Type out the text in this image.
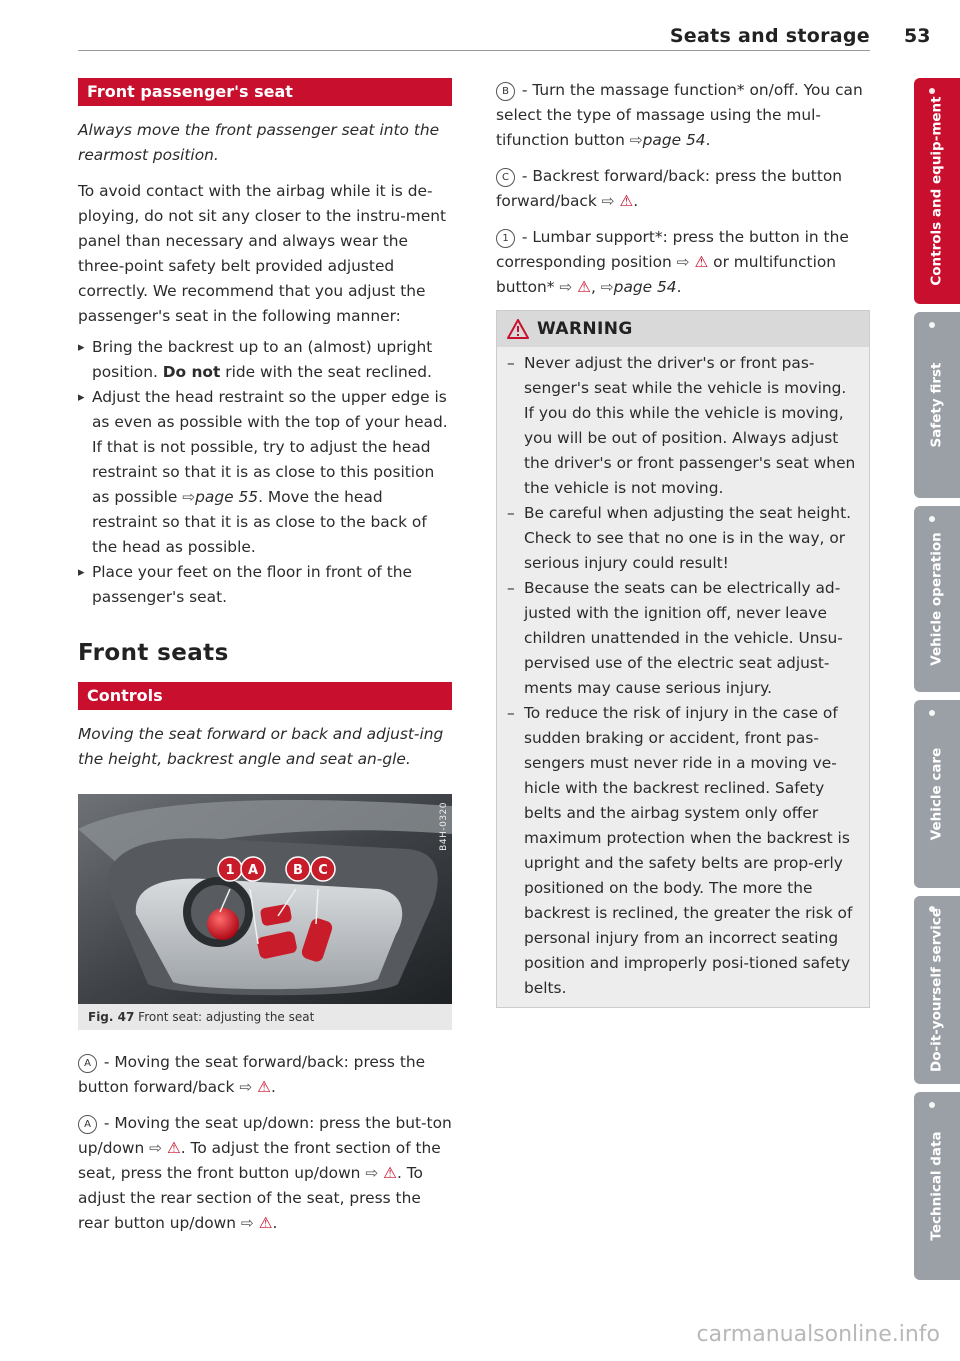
Seats and storage 53
Front passenger's seat

Always move the front passenger seat into the rearmost position.

To avoid contact with the airbag while it is de-ploying, do not sit any closer to the instru-ment panel than necessary and always wear the three-point safety belt provided adjusted correctly. We recommend that you adjust the passenger's seat in the following manner:

▸ Bring the backrest up to an (almost) upright position. Do not ride with the seat reclined.
▸ Adjust the head restraint so the upper edge is as even as possible with the top of your head. If that is not possible, try to adjust the head restraint so that it is as close to this position as possible ⇨page 55. Move the head restraint so that it is as close to the back of the head as possible.
▸ Place your feet on the floor in front of the passenger's seat.
Front seats
Controls

Moving the seat forward or back and adjust-ing the height, backrest angle and seat an-gle.

1 A	B C
B4H-0320
Fig. 47 Front seat: adjusting the seat

A - Moving the seat forward/back: press the button forward/back ⇨ ⚠.

A - Moving the seat up/down: press the but-ton up/down ⇨ ⚠. To adjust the front section of the seat, press the front button up/down ⇨ ⚠. To adjust the rear section of the seat, press the rear button up/down ⇨ ⚠.

B - Turn the massage function* on/off. You can select the type of massage using the mul-tifunction button ⇨page 54.

C - Backrest forward/back: press the button forward/back ⇨ ⚠.

1 - Lumbar support*: press the button in the corresponding position ⇨ ⚠ or multifunction button* ⇨ ⚠, ⇨page 54.

WARNING
– Never adjust the driver's or front pas-senger's seat while the vehicle is moving. If you do this while the vehicle is moving, you will be out of position. Always adjust the driver's or front passenger's seat when the vehicle is not moving.
– Be careful when adjusting the seat height. Check to see that no one is in the way, or serious injury could result!
– Because the seats can be electrically ad-justed with the ignition off, never leave children unattended in the vehicle. Unsu-pervised use of the electric seat adjust-ments may cause serious injury.
– To reduce the risk of injury in the case of sudden braking or accident, front pas-sengers must never ride in a moving ve-hicle with the backrest reclined. Safety belts and the airbag system only offer maximum protection when the backrest is upright and the safety belts are prop-erly positioned on the body. The more the backrest is reclined, the greater the risk of personal injury from an incorrect seating position and improperly posi-tioned safety belts.
Controls and equip-ment
Safety first
Vehicle operation
Vehicle care
Do-it-yourself service
Technical data
carmanualsonline.info
